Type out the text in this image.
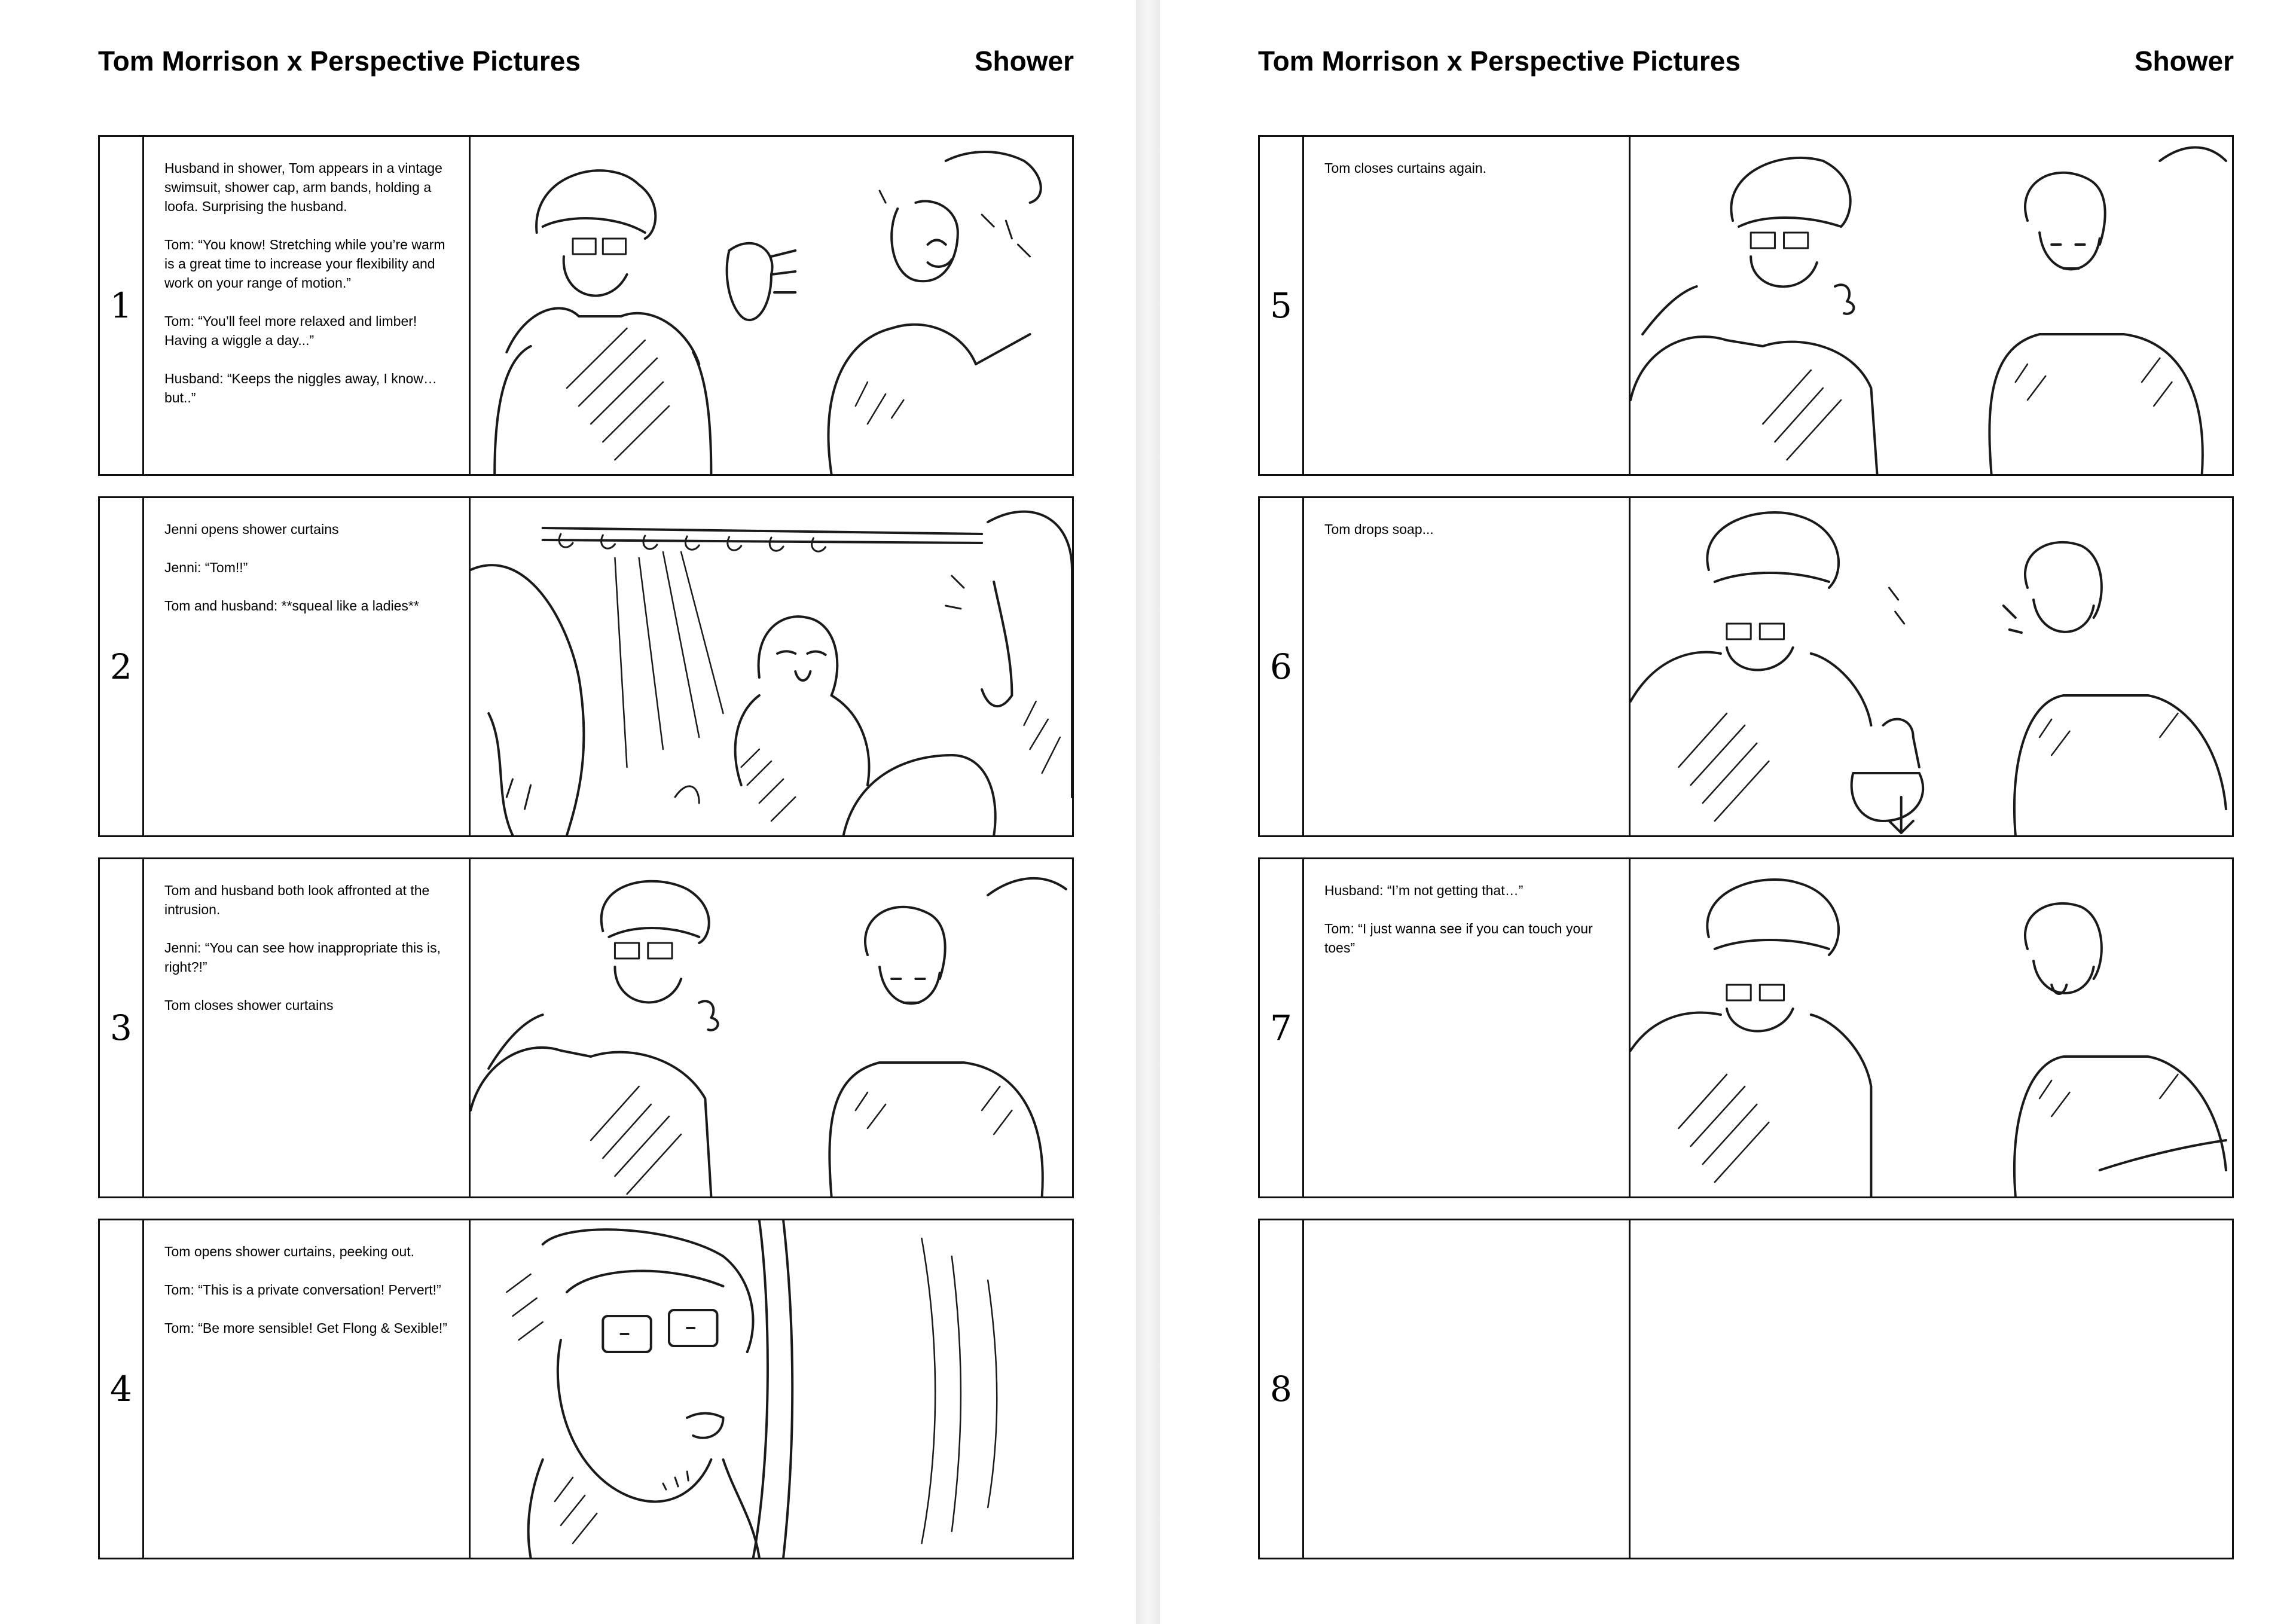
Tom Morrison x Perspective Pictures	Shower
1

Husband in shower, Tom appears in a vintage swimsuit, shower cap, arm bands, holding a loofa. Surprising the husband.

Tom: “You know! Stretching while you’re warm is a great time to increase your flexibility and work on your range of motion.”

Tom: “You’ll feel more relaxed and limber! Having a wiggle a day...”

Husband: “Keeps the niggles away, I know… but..”

2

Jenni opens shower curtains

Jenni: “Tom!!”

Tom and husband: **squeal like a ladies**

3

Tom and husband both look affronted at the intrusion.

Jenni: “You can see how inappropriate this is, right?!”

Tom closes shower curtains

4

Tom opens shower curtains, peeking out.

Tom: “This is a private conversation! Pervert!”

Tom: “Be more sensible! Get Flong & Sexible!”

Tom Morrison x Perspective Pictures	Shower
5

Tom closes curtains again.

6

Tom drops soap...

7

Husband: “I’m not getting that…”

Tom: “I just wanna see if you can touch your toes”

8
